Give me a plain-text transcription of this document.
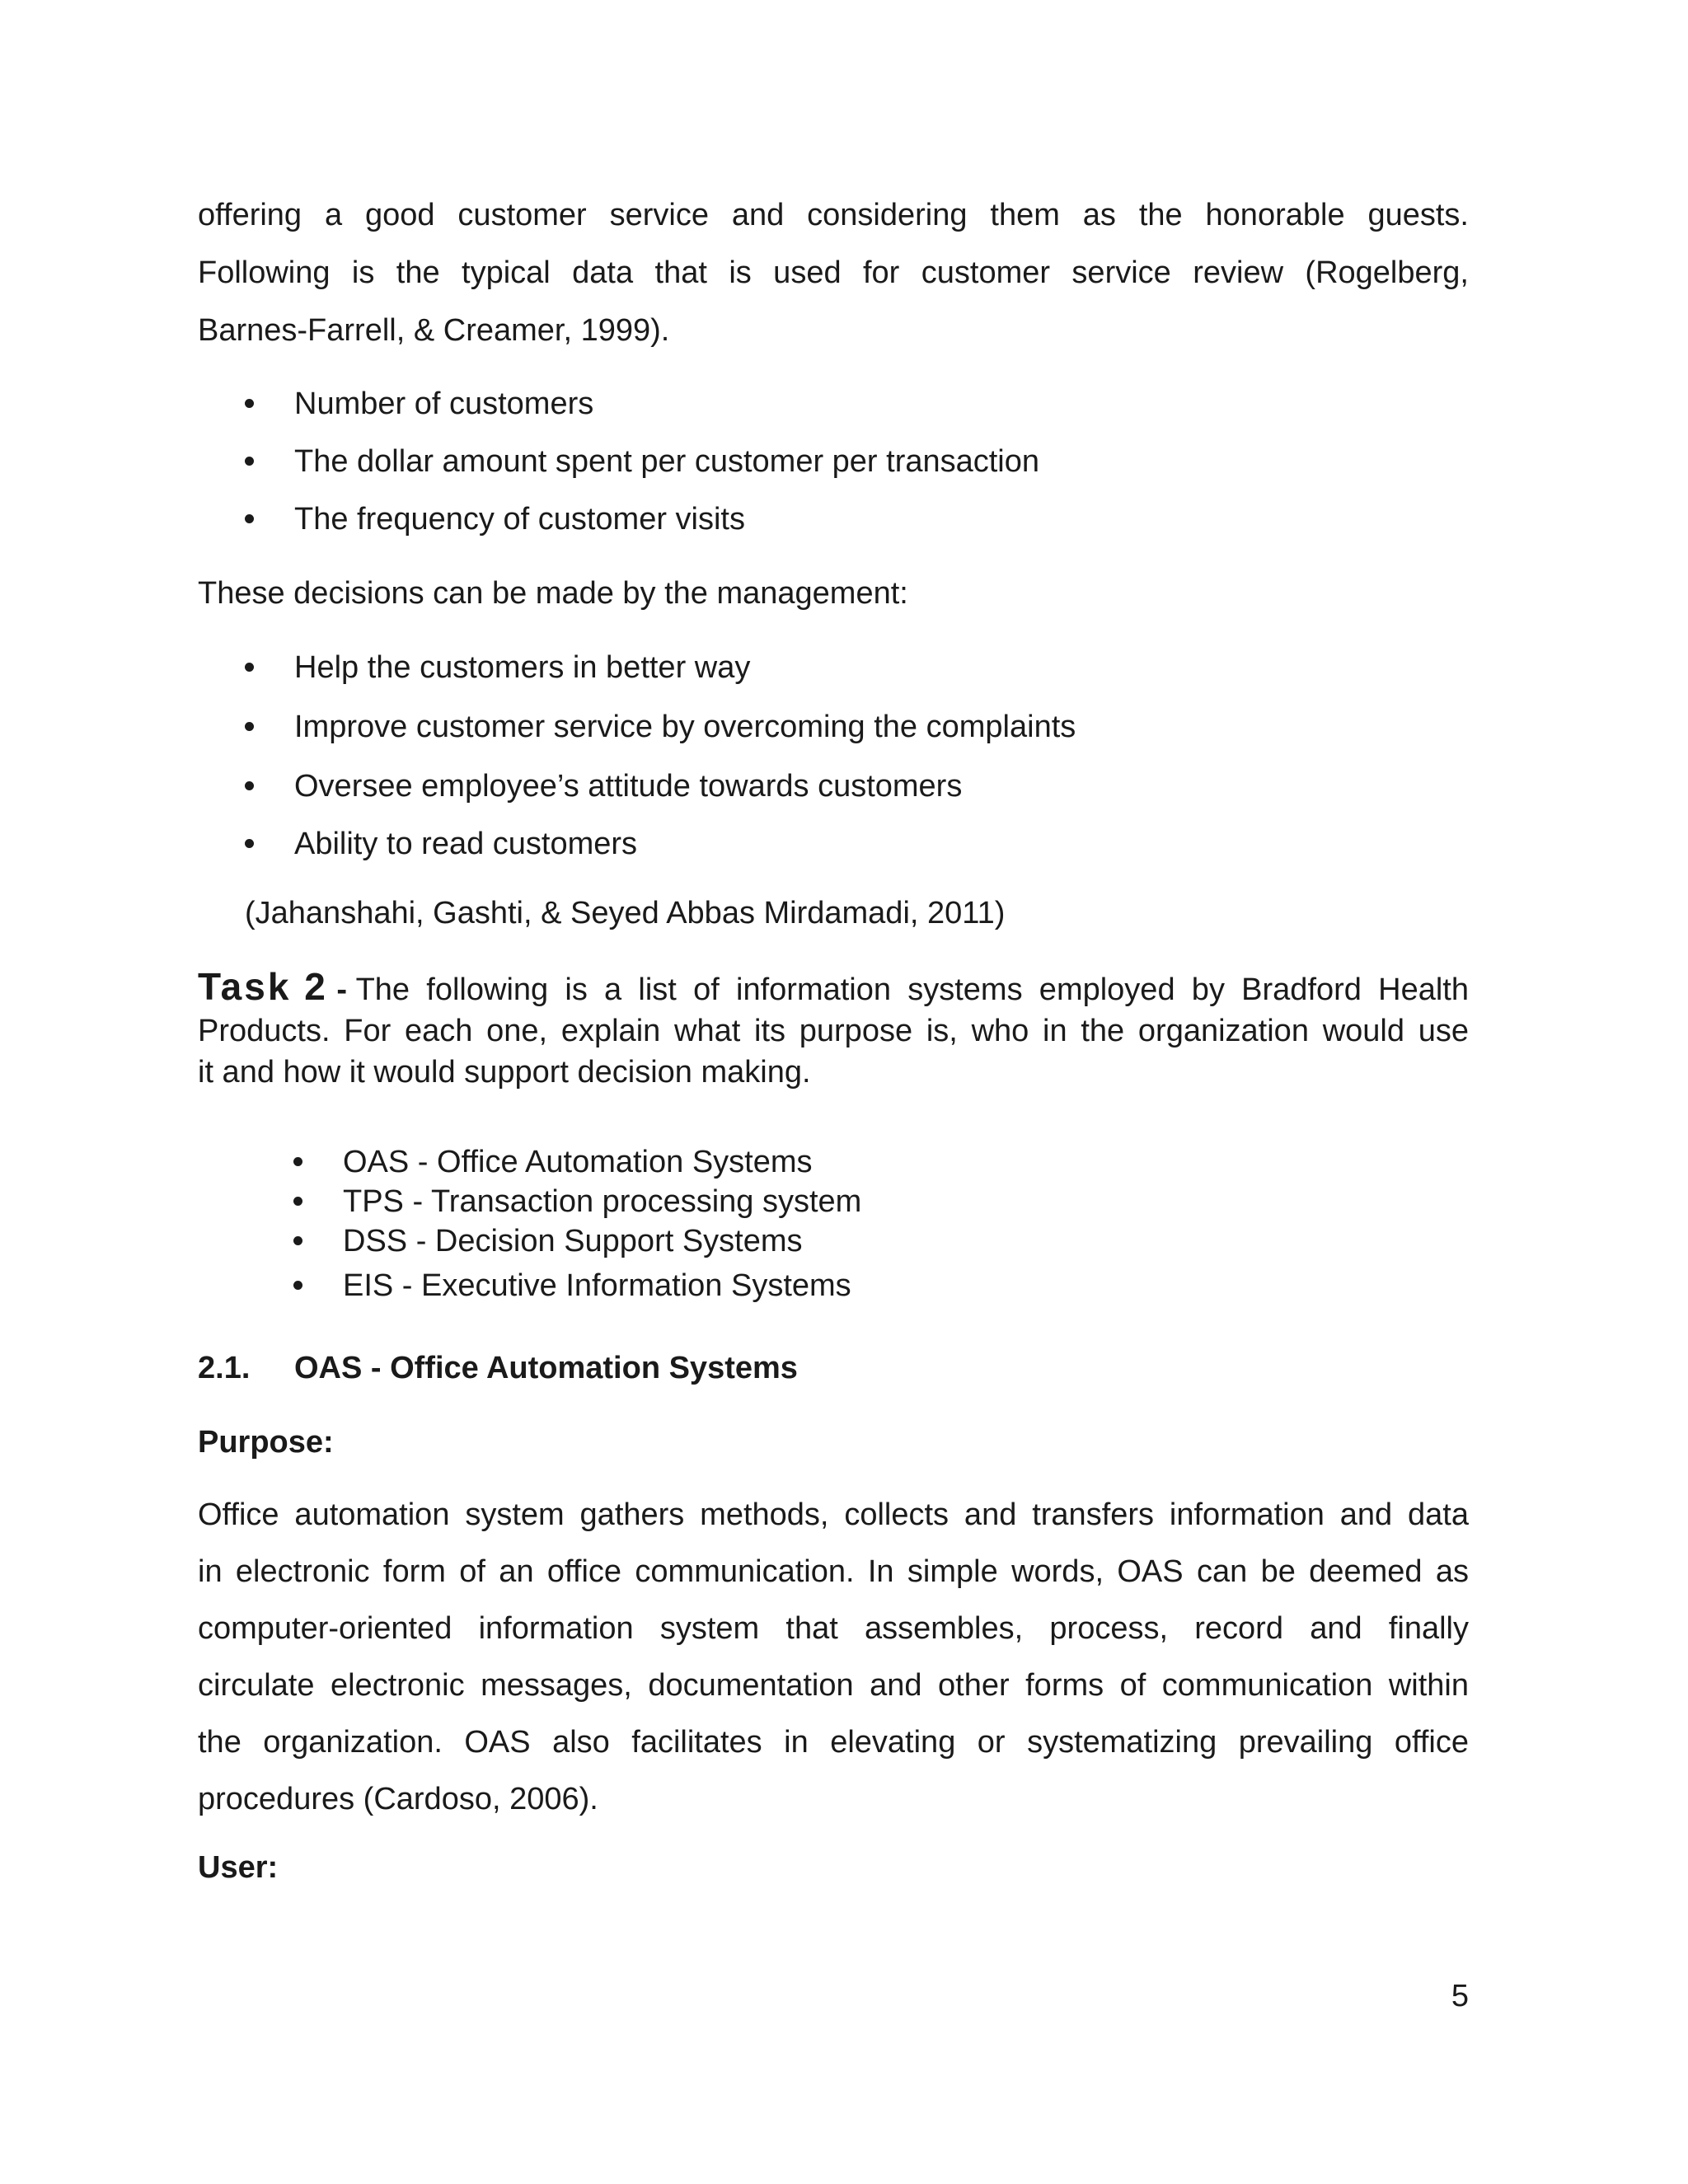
offering a good customer service and considering them as the honorable guests.
Following is the typical data that is used for customer service review (Rogelberg,
Barnes-Farrell, & Creamer, 1999).
Number of customers
The dollar amount spent per customer per transaction
The frequency of customer visits
These decisions can be made by the management:
Help the customers in better way
Improve customer service by overcoming the complaints
Oversee employee’s attitude towards customers
Ability to read customers
(Jahanshahi, Gashti, & Seyed Abbas Mirdamadi, 2011)
Task 2 - The following is a list of information systems employed by Bradford Health
Products. For each one, explain what its purpose is, who in the organization would use
it and how it would support decision making.
OAS - Office Automation Systems
TPS - Transaction processing system
DSS - Decision Support Systems
EIS - Executive Information Systems
2.1. OAS - Office Automation Systems
Purpose:
Office automation system gathers methods, collects and transfers information and data
in electronic form of an office communication. In simple words, OAS can be deemed as
computer-oriented information system that assembles, process, record and finally
circulate electronic messages, documentation and other forms of communication within
the organization. OAS also facilitates in elevating or systematizing prevailing office
procedures (Cardoso, 2006).
User:
5
